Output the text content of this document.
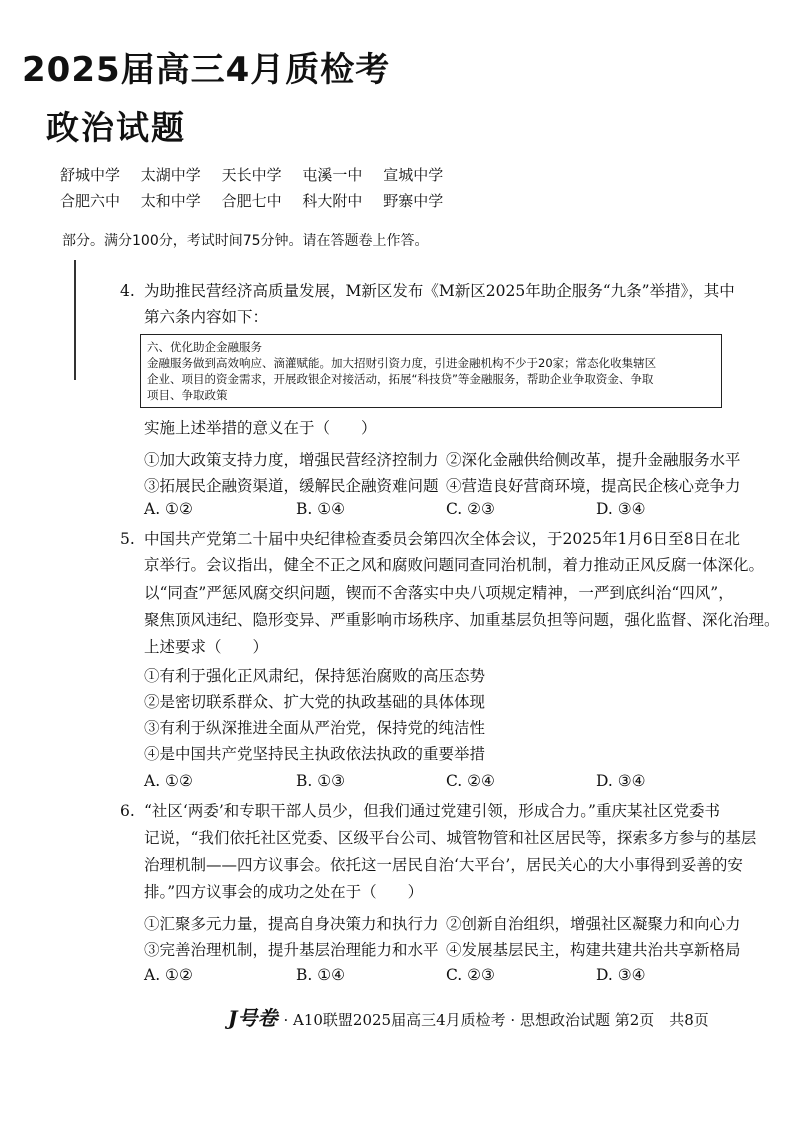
2025届高三4月质检考
政治试题
舒城中学 太湖中学 天长中学 屯溪一中 宣城中学
合肥六中 太和中学 合肥七中 科大附中 野寨中学
部分。满分100分，考试时间75分钟。请在答题卷上作答。
4. 为助推民营经济高质量发展，M新区发布《M新区2025年助企服务“九条”举措》，其中
第六条内容如下：
六、优化助企金融服务
金融服务做到高效响应、滴灌赋能。加大招财引资力度，引进金融机构不少于20家；常态化收集辖区
企业、项目的资金需求，开展政银企对接活动，拓展“科技贷”等金融服务，帮助企业争取资金、争取
项目、争取政策
实施上述举措的意义在于（　　）
①加大政策支持力度，增强民营经济控制力 ②深化金融供给侧改革，提升金融服务水平
③拓展民企融资渠道，缓解民企融资难问题 ④营造良好营商环境，提高民企核心竞争力
A. ①②	B. ①④	C. ②③	D. ③④
5. 中国共产党第二十届中央纪律检查委员会第四次全体会议，于2025年1月6日至8日在北
京举行。会议指出，健全不正之风和腐败问题同查同治机制，着力推动正风反腐一体深化。
以“同查”严惩风腐交织问题，锲而不舍落实中央八项规定精神，一严到底纠治“四风”，
聚焦顶风违纪、隐形变异、严重影响市场秩序、加重基层负担等问题，强化监督、深化治理。
上述要求（　　）
①有利于强化正风肃纪，保持惩治腐败的高压态势
②是密切联系群众、扩大党的执政基础的具体体现
③有利于纵深推进全面从严治党，保持党的纯洁性
④是中国共产党坚持民主执政依法执政的重要举措
A. ①②	B. ①③	C. ②④	D. ③④
6. “社区‘两委’和专职干部人员少，但我们通过党建引领，形成合力。”重庆某社区党委书
记说，“我们依托社区党委、区级平台公司、城管物管和社区居民等，探索多方参与的基层
治理机制——四方议事会。依托这一居民自治‘大平台’，居民关心的大小事得到妥善的安
排。”四方议事会的成功之处在于（　　）
①汇聚多元力量，提高自身决策力和执行力 ②创新自治组织，增强社区凝聚力和向心力
③完善治理机制，提升基层治理能力和水平 ④发展基层民主，构建共建共治共享新格局
A. ①②	B. ①④	C. ②③	D. ③④
J号卷 · A10联盟2025届高三4月质检考 · 思想政治试题 第2页　共8页
